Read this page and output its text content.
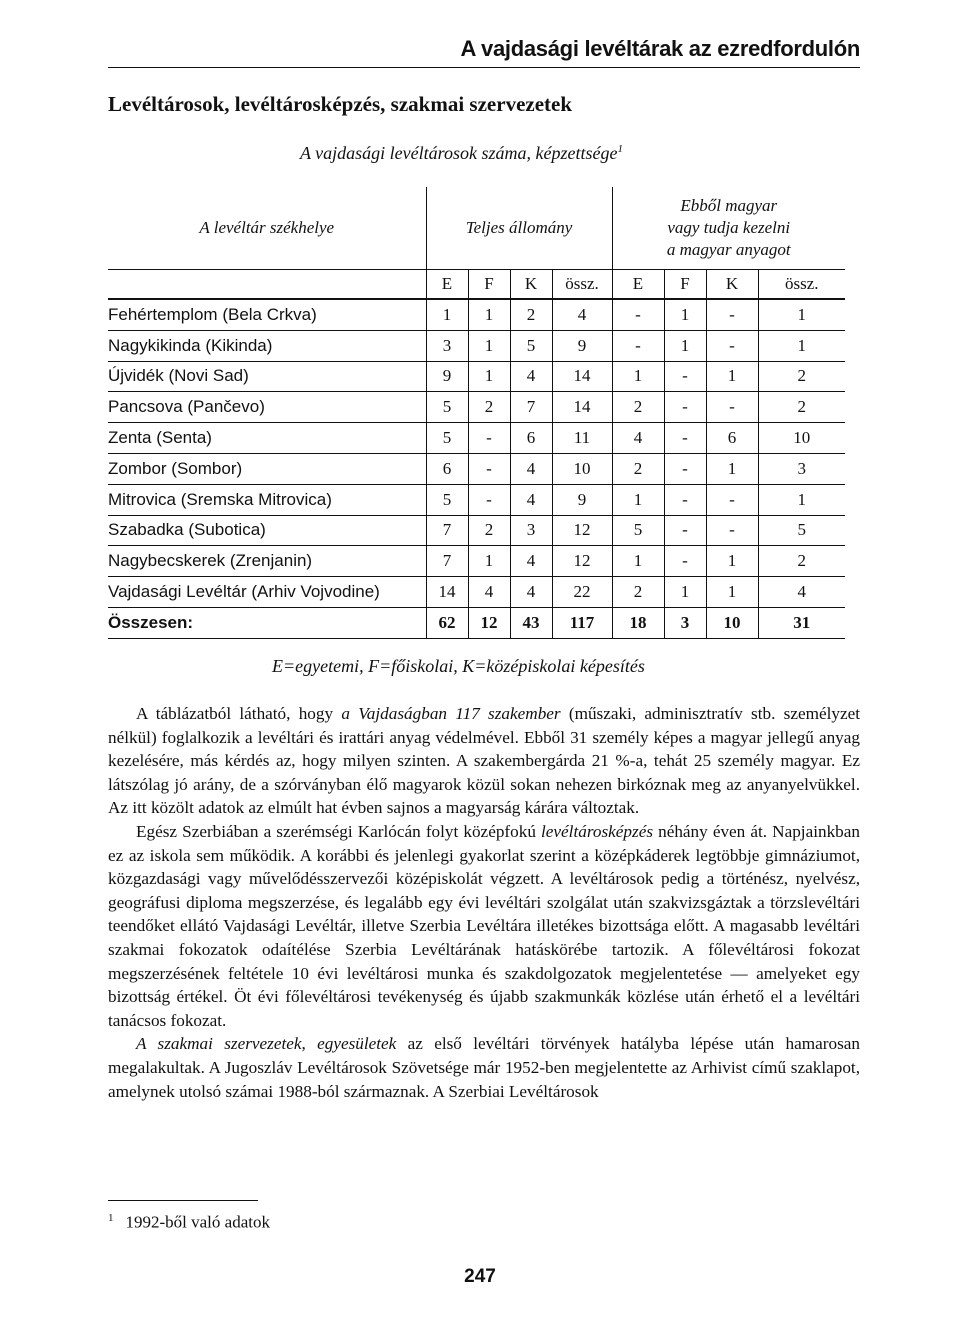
A vajdasági levéltárak az ezredfordulón
Levéltárosok, levéltárosképzés, szakmai szervezetek
A vajdasági levéltárosok száma, képzettsége$^1$
A levéltár székhelye	Teljes állomány				Ebből magyar
vagy tudja kezelni
a magyar anyagot			

	E	F	K	össz.	E	F	K	össz.
Fehértemplom (Bela Crkva)	1	1	2	4	-	1	-	1
Nagykikinda (Kikinda)	3	1	5	9	-	1	-	1
Újvidék (Novi Sad)	9	1	4	14	1	-	1	2
Pancsova (Pančevo)	5	2	7	14	2	-	-	2
Zenta (Senta)	5	-	6	11	4	-	6	10
Zombor (Sombor)	6	-	4	10	2	-	1	3
Mitrovica (Sremska Mitrovica)	5	-	4	9	1	-	-	1
Szabadka (Subotica)	7	2	3	12	5	-	-	5
Nagybecskerek (Zrenjanin)	7	1	4	12	1	-	1	2
Vajdasági Levéltár (Arhiv Vojvodine)	14	4	4	22	2	1	1	4
Összesen:	62	12	43	117	18	3	10	31
E=egyetemi, F=főiskolai, K=középiskolai képesítés

A táblázatból látható, hogy a Vajdaságban 117 szakember (műszaki, adminisztratív stb. személyzet nélkül) foglalkozik a levéltári és irattári anyag védelmével. Ebből 31 személy képes a magyar jellegű anyag kezelésére, más kérdés az, hogy milyen szinten. A szakembergárda 21 %-a, tehát 25 személy magyar. Ez látszólag jó arány, de a szórványban élő magyarok közül sokan nehezen birkóznak meg az anyanyelvükkel. Az itt közölt adatok az elmúlt hat évben sajnos a magyarság kárára változtak.

Egész Szerbiában a szerémségi Karlócán folyt középfokú levéltárosképzés néhány éven át. Napjainkban ez az iskola sem működik. A korábbi és jelenlegi gyakorlat szerint a középkáderek legtöbbje gimnáziumot, közgazdasági vagy művelődésszervezői középiskolát végzett. A levéltárosok pedig a történész, nyelvész, geográfusi diploma megszerzése, és legalább egy évi levéltári szolgálat után szakvizsgáztak a törzslevéltári teendőket ellátó Vajdasági Levéltár, illetve Szerbia Levéltára illetékes bizottsága előtt. A magasabb levéltári szakmai fokozatok odaítélése Szerbia Levéltárának hatáskörébe tartozik. A főlevéltárosi fokozat megszerzésének feltétele 10 évi levéltárosi munka és szakdolgozatok megjelentetése — amelyeket egy bizottság értékel. Öt évi főlevéltárosi tevékenység és újabb szakmunkák közlése után érhető el a levéltári tanácsos fokozat.

A szakmai szervezetek, egyesületek az első levéltári törvények hatályba lépése után hamarosan megalakultak. A Jugoszláv Levéltárosok Szövetsége már 1952-ben megjelentette az Arhivist című szaklapot, amelynek utolsó számai 1988-ból származnak. A Szerbiai Levéltárosok

$^1$ 1992-ből való adatok
247
